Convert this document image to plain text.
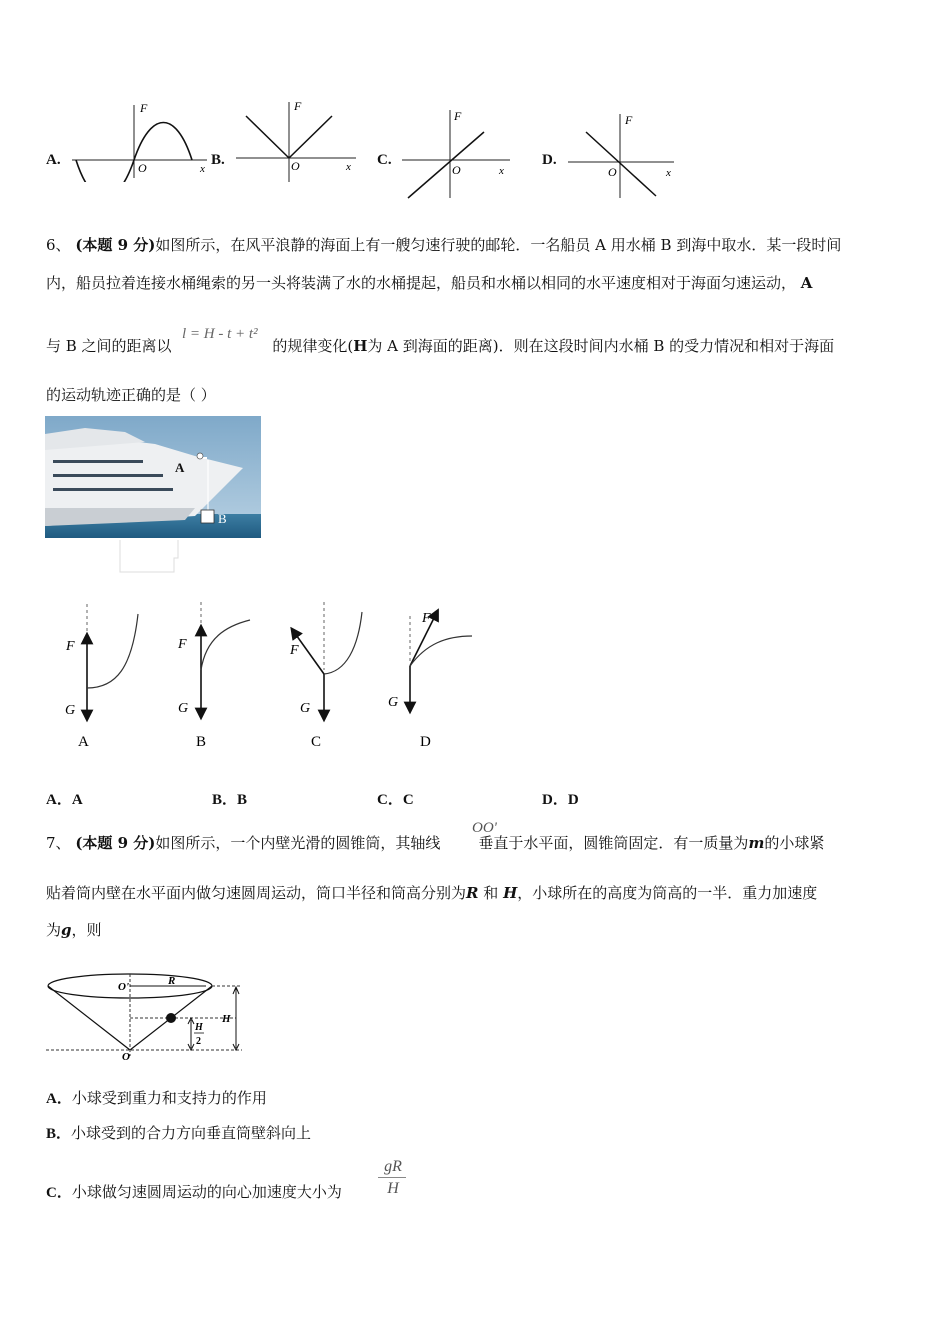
A.
F
O	x
B.
F
O	x C.
F
O	x
D.
F
O	x
6、 (本题 9 分)如图所示，在风平浪静的海面上有一艘匀速行驶的邮轮．一名船员 A 用水桶 B 到海中取水．某一段时间
内，船员拉着连接水桶绳索的另一头将装满了水的水桶提起，船员和水桶以相同的水平速度相对于海面匀速运动， A
与 B 之间的距离以	的规律变化(H为 A 到海面的距离)．则在这段时间内水桶 B 的受力情况和相对于海面
l = H - t + t²
的运动轨迹正确的是（ ）
A
B
F
G
A
F
G
B
F
G
C
F
G
D
A．A	B．B	C．C	D．D
7、 (本题 9 分)如图所示，一个内壁光滑的圆锥筒，其轴线	垂直于水平面，圆锥筒固定．有一质量为m的小球紧
OO'
贴着筒内壁在水平面内做匀速圆周运动，筒口半径和筒高分别为R 和 H，小球所在的高度为筒高的一半．重力加速度
为g，则
O'	R
H
H
2
O
A．小球受到重力和支持力的作用
B．小球受到的合力方向垂直筒壁斜向上
C．小球做匀速圆周运动的向心加速度大小为
gR
H
